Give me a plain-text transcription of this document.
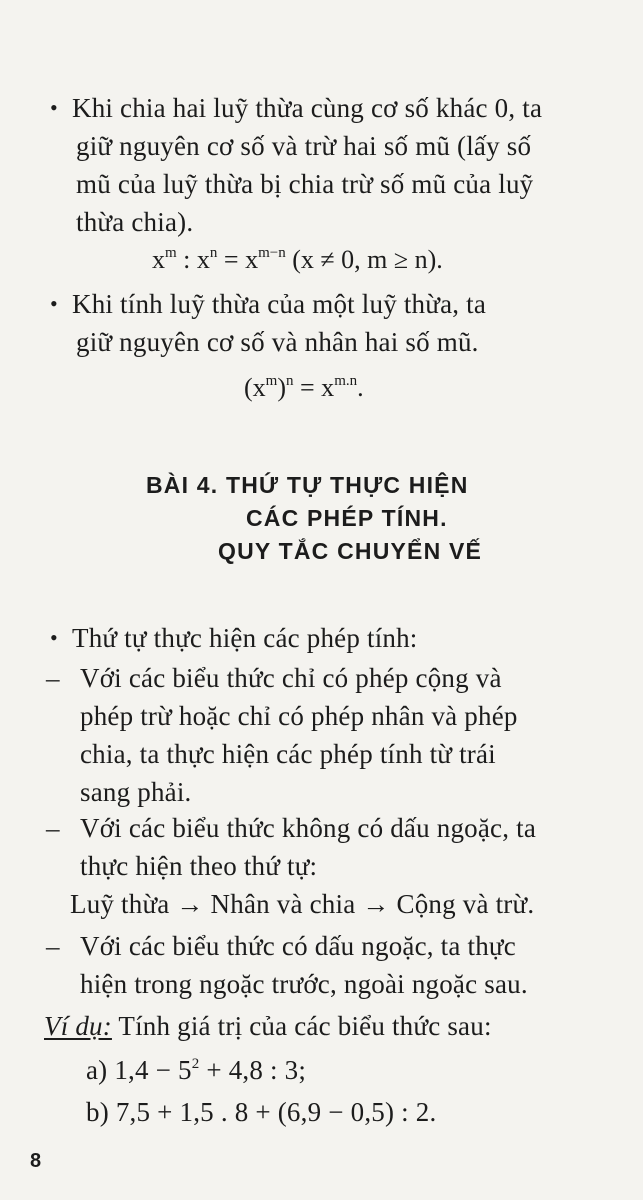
• Khi chia hai luỹ thừa cùng cơ số khác 0, ta
giữ nguyên cơ số và trừ hai số mũ (lấy số
mũ của luỹ thừa bị chia trừ số mũ của luỹ
thừa chia).
$x^m$ : $x^n = x^{m-n}$ (x ≠ 0, m ≥ n).
• Khi tính luỹ thừa của một luỹ thừa, ta
giữ nguyên cơ số và nhân hai số mũ.
$(x^m)^n = x^{m.n}$.
BÀI 4. THỨ TỰ THỰC HIỆN
CÁC PHÉP TÍNH.
QUY TẮC CHUYỂN VẾ
• Thứ tự thực hiện các phép tính:
– Với các biểu thức chỉ có phép cộng và
phép trừ hoặc chỉ có phép nhân và phép
chia, ta thực hiện các phép tính từ trái
sang phải.
– Với các biểu thức không có dấu ngoặc, ta
thực hiện theo thứ tự:
Luỹ thừa → Nhân và chia → Cộng và trừ.
– Với các biểu thức có dấu ngoặc, ta thực
hiện trong ngoặc trước, ngoài ngoặc sau.
Ví dụ: Tính giá trị của các biểu thức sau:
a) $1,4 - 5^2 + 4,8$ : 3;
b) 7,5 + 1,5 . 8 + (6,9 − 0,5) : 2.
8
